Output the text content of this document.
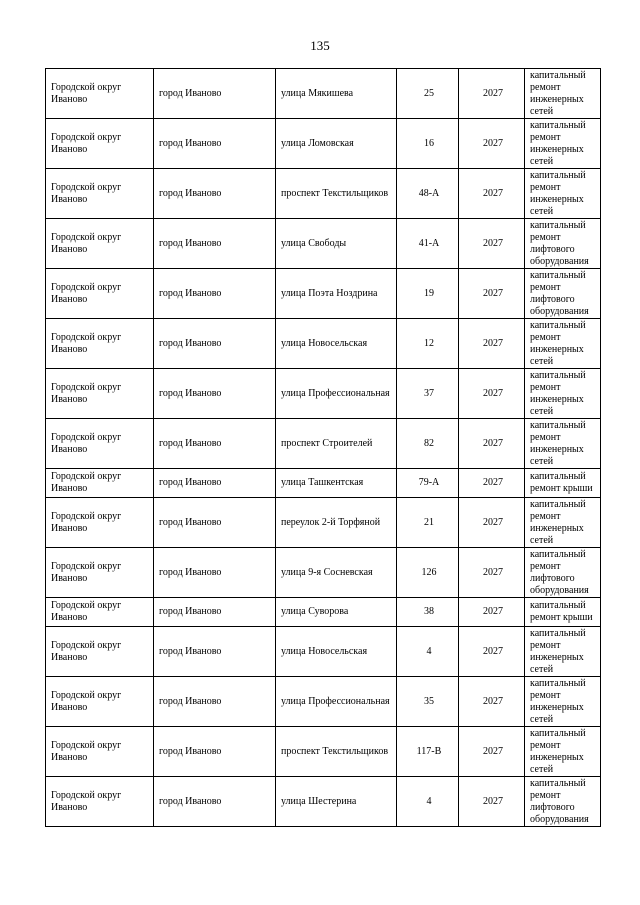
135
Городской округ Иваново	город Иваново	улица Мякишева	25	2027	капитальный ремонт инженерных сетей
Городской округ Иваново	город Иваново	улица Ломовская	16	2027	капитальный ремонт инженерных сетей
Городской округ Иваново	город Иваново	проспект Текстильщиков	48-А	2027	капитальный ремонт инженерных сетей
Городской округ Иваново	город Иваново	улица Свободы	41-А	2027	капитальный ремонт лифтового оборудования
Городской округ Иваново	город Иваново	улица Поэта Ноздрина	19	2027	капитальный ремонт лифтового оборудования
Городской округ Иваново	город Иваново	улица Новосельская	12	2027	капитальный ремонт инженерных сетей
Городской округ Иваново	город Иваново	улица Профессиональная	37	2027	капитальный ремонт инженерных сетей
Городской округ Иваново	город Иваново	проспект Строителей	82	2027	капитальный ремонт инженерных сетей
Городской округ Иваново	город Иваново	улица Ташкентская	79-А	2027	капитальный ремонт крыши
Городской округ Иваново	город Иваново	переулок 2-й Торфяной	21	2027	капитальный ремонт инженерных сетей
Городской округ Иваново	город Иваново	улица 9-я Сосневская	126	2027	капитальный ремонт лифтового оборудования
Городской округ Иваново	город Иваново	улица Суворова	38	2027	капитальный ремонт крыши
Городской округ Иваново	город Иваново	улица Новосельская	4	2027	капитальный ремонт инженерных сетей
Городской округ Иваново	город Иваново	улица Профессиональная	35	2027	капитальный ремонт инженерных сетей
Городской округ Иваново	город Иваново	проспект Текстильщиков	117-В	2027	капитальный ремонт инженерных сетей
Городской округ Иваново	город Иваново	улица Шестерина	4	2027	капитальный ремонт лифтового оборудования
